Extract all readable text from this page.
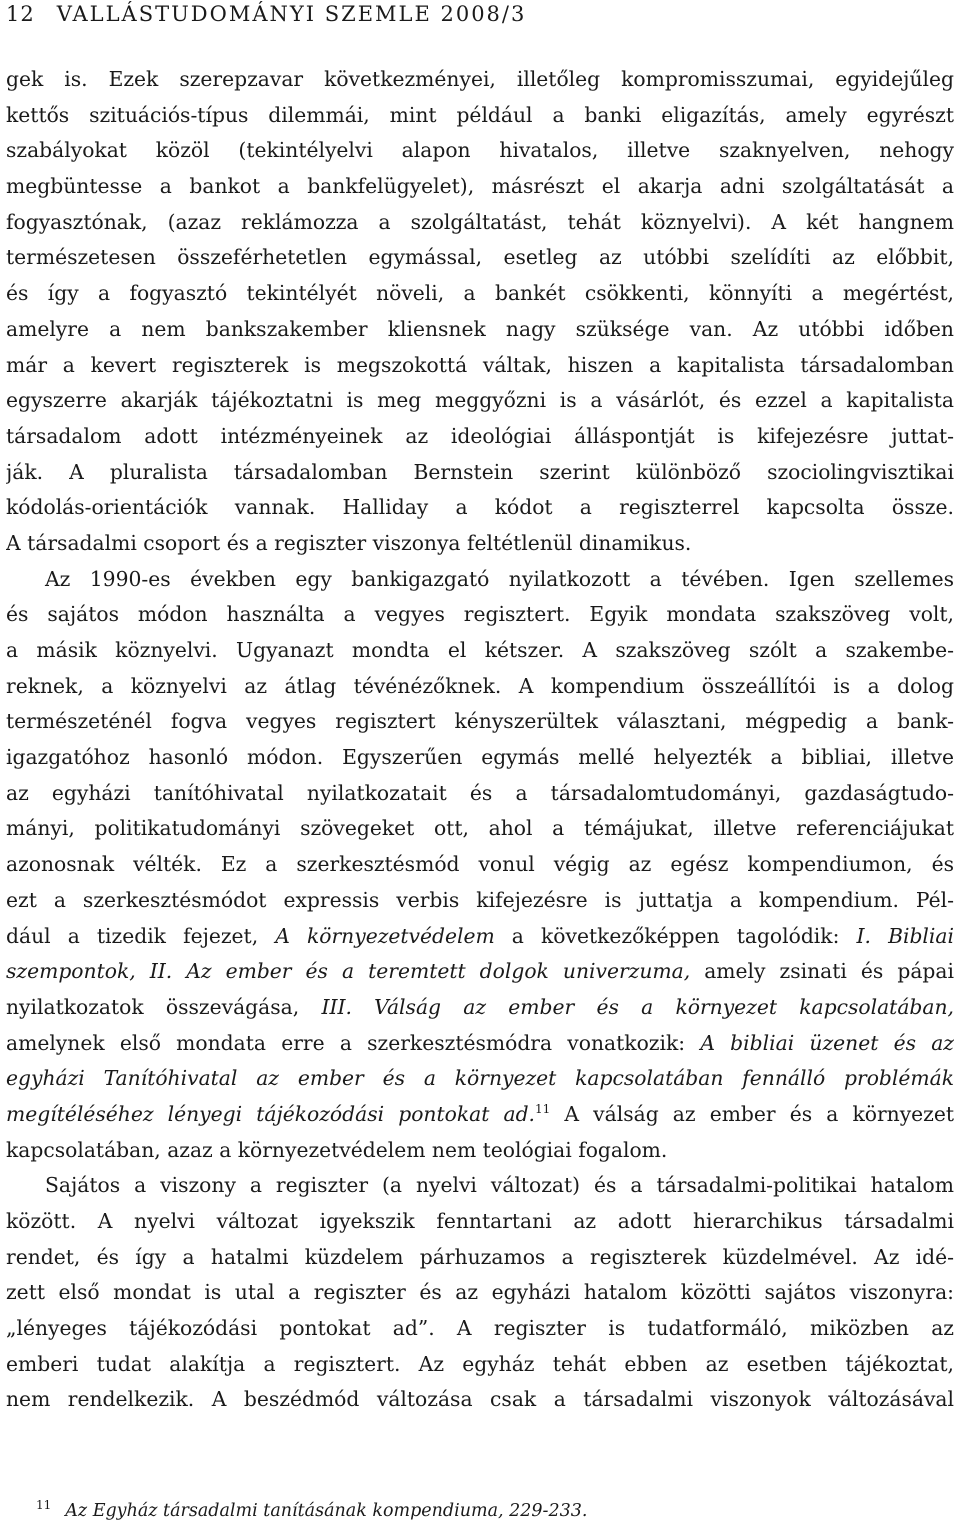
12 VALLÁSTUDOMÁNYI SZEMLE 2008/3
gek is. Ezek szerepzavar következményei, illetőleg kompromisszumai, egyidejűleg
kettős szituációs-típus dilemmái, mint például a banki eligazítás, amely egyrészt
szabályokat közöl (tekintélyelvi alapon hivatalos, illetve szaknyelven, nehogy
megbüntesse a bankot a bankfelügyelet), másrészt el akarja adni szolgáltatását a
fogyasztónak, (azaz reklámozza a szolgáltatást, tehát köznyelvi). A két hangnem
természetesen összeférhetetlen egymással, esetleg az utóbbi szelídíti az előbbit,
és így a fogyasztó tekintélyét növeli, a bankét csökkenti, könnyíti a megértést,
amelyre a nem bankszakember kliensnek nagy szüksége van. Az utóbbi időben
már a kevert regiszterek is megszokottá váltak, hiszen a kapitalista társadalomban
egyszerre akarják tájékoztatni is meg meggyőzni is a vásárlót, és ezzel a kapitalista
társadalom adott intézményeinek az ideológiai álláspontját is kifejezésre juttat-
ják. A pluralista társadalomban Bernstein szerint különböző szociolingvisztikai
kódolás-orientációk vannak. Halliday a kódot a regiszterrel kapcsolta össze.
A társadalmi csoport és a regiszter viszonya feltétlenül dinamikus.
Az 1990-es években egy bankigazgató nyilatkozott a tévében. Igen szellemes
és sajátos módon használta a vegyes regisztert. Egyik mondata szakszöveg volt,
a másik köznyelvi. Ugyanazt mondta el kétszer. A szakszöveg szólt a szakembe-
reknek, a köznyelvi az átlag tévénézőknek. A kompendium összeállítói is a dolog
természeténél fogva vegyes regisztert kényszerültek választani, mégpedig a bank-
igazgatóhoz hasonló módon. Egyszerűen egymás mellé helyezték a bibliai, illetve
az egyházi tanítóhivatal nyilatkozatait és a társadalomtudományi, gazdaságtudo-
mányi, politikatudományi szövegeket ott, ahol a témájukat, illetve referenciájukat
azonosnak vélték. Ez a szerkesztésmód vonul végig az egész kompendiumon, és
ezt a szerkesztésmódot expressis verbis kifejezésre is juttatja a kompendium. Pél-
dául a tizedik fejezet, A környezetvédelem a következőképpen tagolódik: I. Bibliai
szempontok, II. Az ember és a teremtett dolgok univerzuma, amely zsinati és pápai
nyilatkozatok összevágása, III. Válság az ember és a környezet kapcsolatában,
amelynek első mondata erre a szerkesztésmódra vonatkozik: A bibliai üzenet és az
egyházi Tanítóhivatal az ember és a környezet kapcsolatában fennálló problémák
megítéléséhez lényegi tájékozódási pontokat ad.$^{11}$ A válság az ember és a környezet
kapcsolatában, azaz a környezetvédelem nem teológiai fogalom.
Sajátos a viszony a regiszter (a nyelvi változat) és a társadalmi-politikai hatalom
között. A nyelvi változat igyekszik fenntartani az adott hierarchikus társadalmi
rendet, és így a hatalmi küzdelem párhuzamos a regiszterek küzdelmével. Az idé-
zett első mondat is utal a regiszter és az egyházi hatalom közötti sajátos viszonyra:
„lényeges tájékozódási pontokat ad”. A regiszter is tudatformáló, miközben az
emberi tudat alakítja a regisztert. Az egyház tehát ebben az esetben tájékoztat,
nem rendelkezik. A beszédmód változása csak a társadalmi viszonyok változásával
$^{11}$ Az Egyház társadalmi tanításának kompendiuma, 229-233.
